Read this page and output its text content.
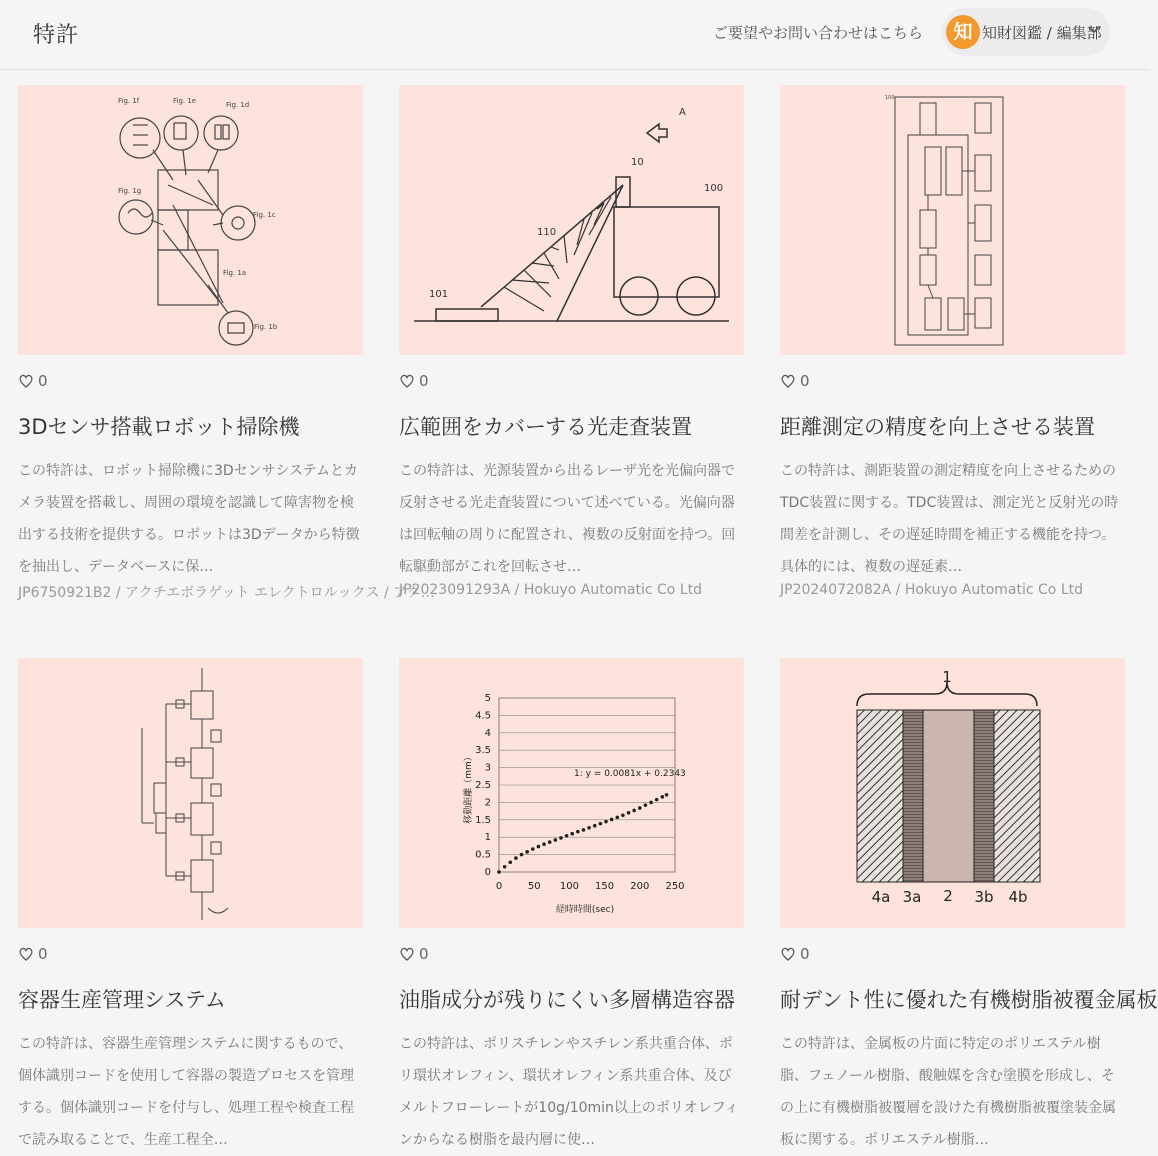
特許	ご要望やお問い合わせはこちら	知 知財図鑑 / 編集部
Fig. 1f	Fig. 1e	Fig. 1d
Fig. 1g
Fig. 1c
Fig. 1a
Fig. 1b
0
3Dセンサ搭載ロボット掃除機
この特許は、ロボット掃除機に3Dセンサシステムとカメラ装置を搭載し、周囲の環境を認識して障害物を検出する技術を提供する。ロボットは3Dデータから特徴を抽出し、データベースに保…
JP6750921B2 / アクチエボラゲット エレクトロルックス / アク…
A
10
100
110
101
0
広範囲をカバーする光走査装置
この特許は、光源装置から出るレーザ光を光偏向器で反射させる光走査装置について述べている。光偏向器は回転軸の周りに配置され、複数の反射面を持つ。回転駆動部がこれを回転させ…
JP2023091293A / Hokuyo Automatic Co Ltd
100
0
距離測定の精度を向上させる装置
この特許は、測距装置の測定精度を向上させるためのTDC装置に関する。TDC装置は、測定光と反射光の時間差を計測し、その遅延時間を補正する機能を持つ。具体的には、複数の遅延素…
JP2024072082A / Hokuyo Automatic Co Ltd
0
容器生産管理システム
この特許は、容器生産管理システムに関するもので、個体識別コードを使用して容器の製造プロセスを管理する。個体識別コードを付与し、処理工程や検査工程で読み取ることで、生産工程全…
0
0.5
1
1.5
2
2.5
3
3.5
4
4.5
5
0	50 100 150 200 250
1: y = 0.0081x + 0.2343
経時時間(sec)
移動距離（mm）
0
油脂成分が残りにくい多層構造容器
この特許は、ポリスチレンやスチレン系共重合体、ポリ環状オレフィン、環状オレフィン系共重合体、及びメルトフローレートが10g/10min以上のポリオレフィンからなる樹脂を最内層に使…
1
4a 3a 2 3b 4b
0
耐デント性に優れた有機樹脂被覆金属板
この特許は、金属板の片面に特定のポリエステル樹脂、フェノール樹脂、酸触媒を含む塗膜を形成し、その上に有機樹脂被覆層を設けた有機樹脂被覆塗装金属板に関する。ポリエステル樹脂…
